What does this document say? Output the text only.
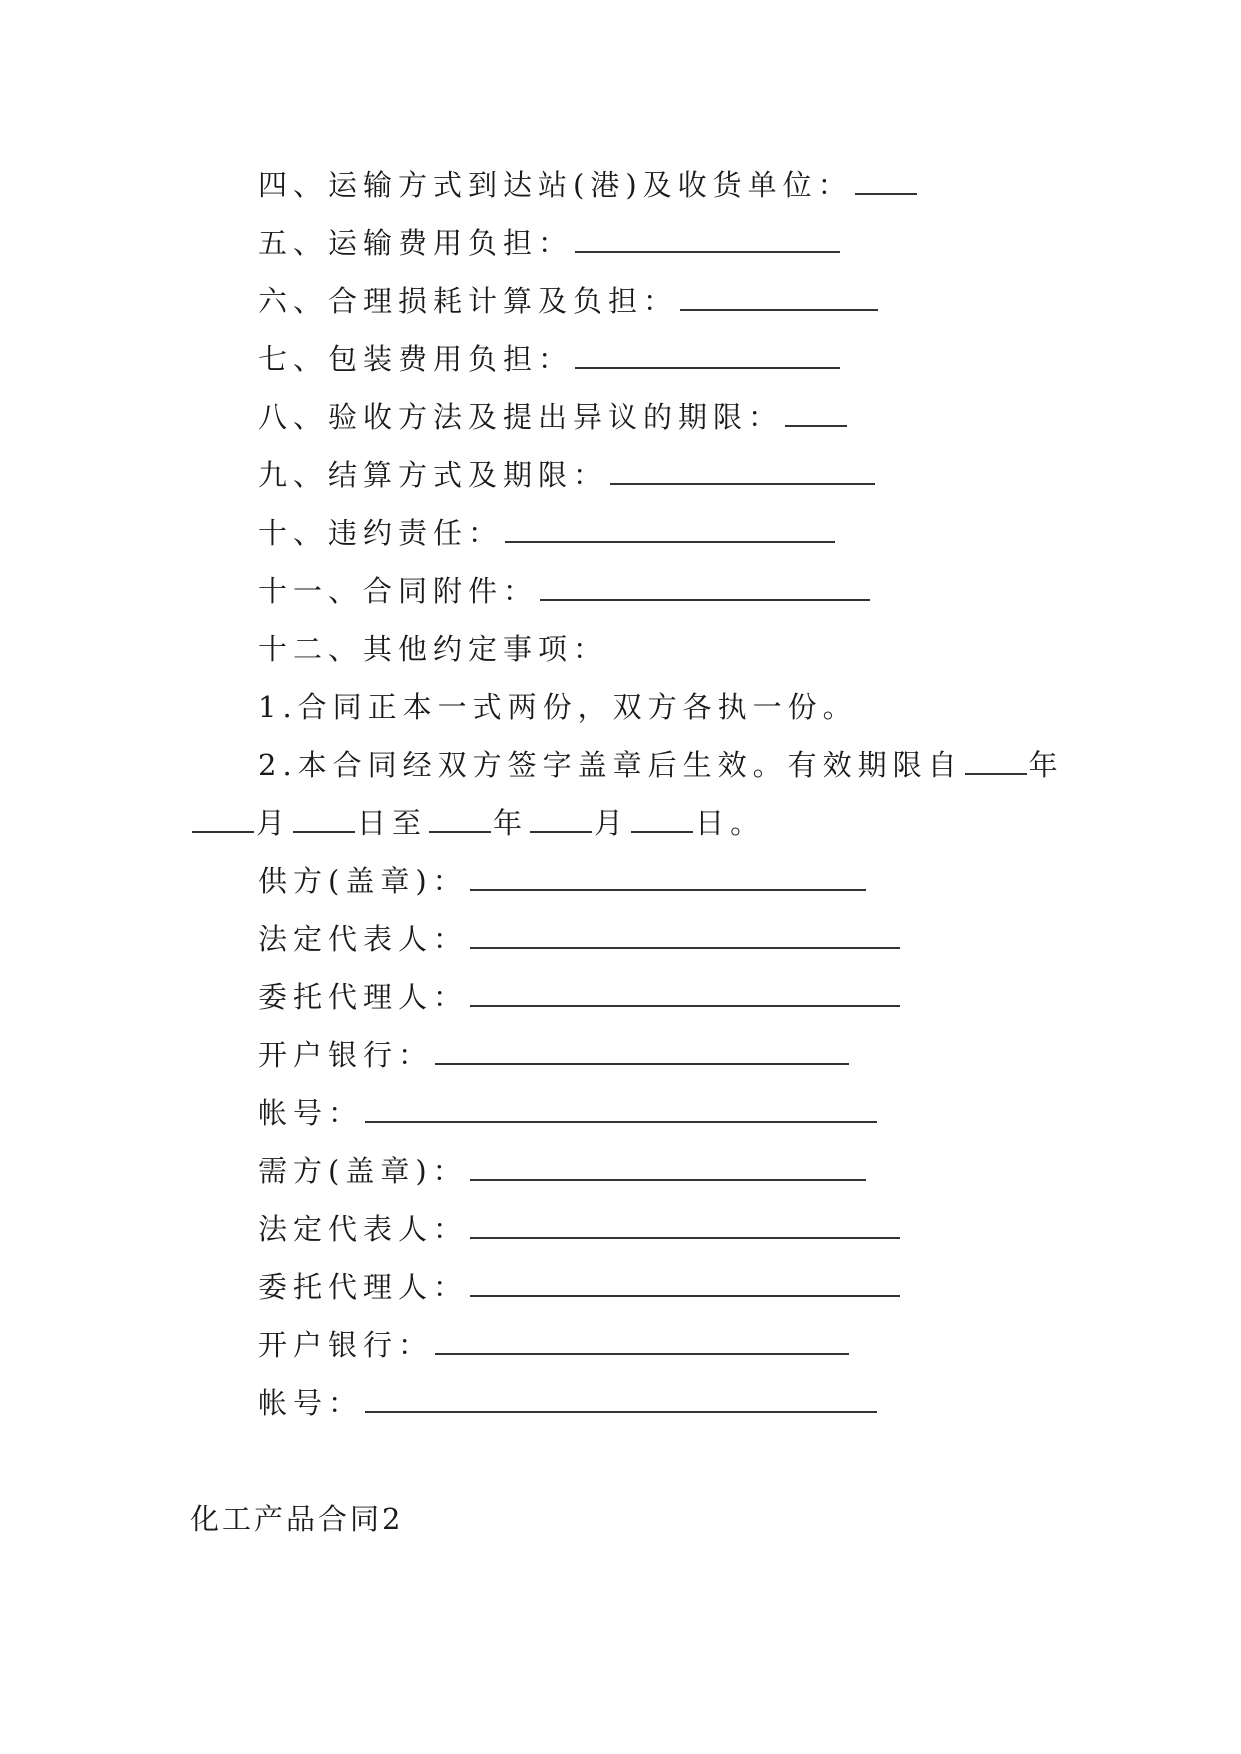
四、运输方式到达站(港)及收货单位：
五、运输费用负担：
六、合理损耗计算及负担：
七、包装费用负担：
八、验收方法及提出异议的期限：
九、结算方式及期限：
十、违约责任：
十一、合同附件：
十二、其他约定事项：
1.合同正本一式两份，双方各执一份。
2.本合同经双方签字盖章后生效。有效期限自 年
月 日至 年 月 日。
供方(盖章)：
法定代表人：
委托代理人：
开户银行：
帐号：
需方(盖章)：
法定代表人：
委托代理人：
开户银行：
帐号：
化工产品合同2
